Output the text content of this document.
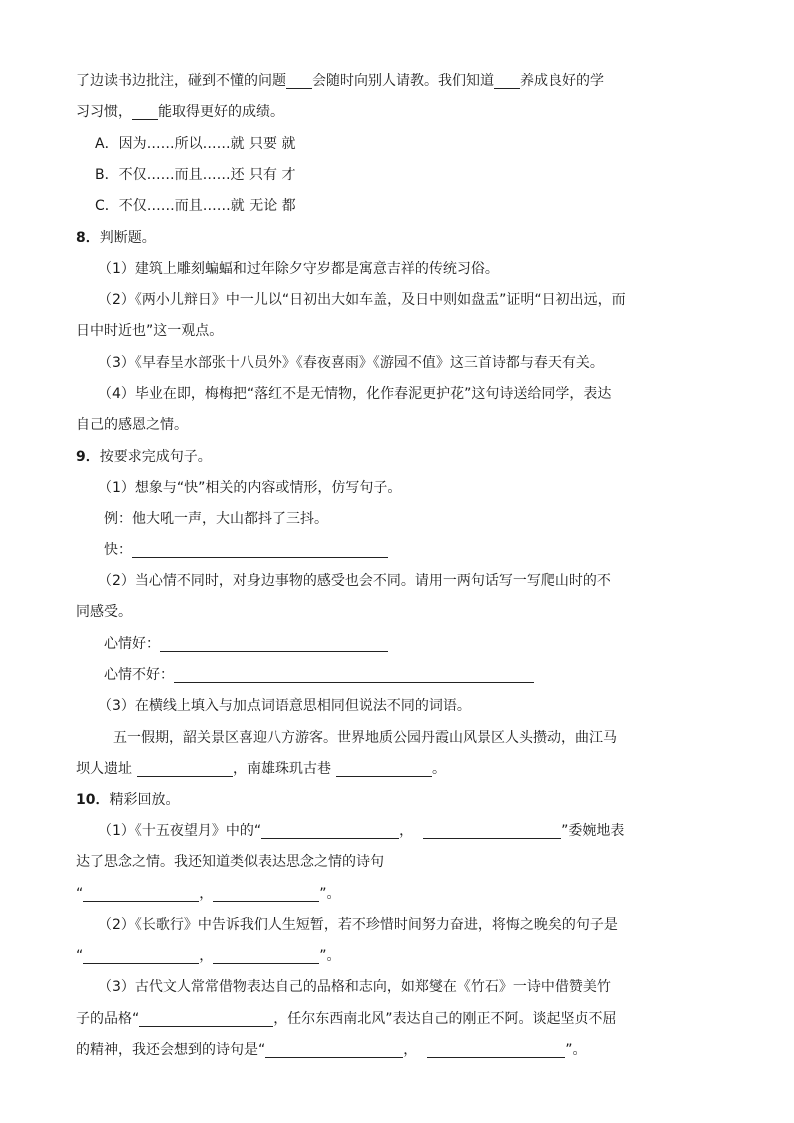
了边读书边批注，碰到不懂的问题 会随时向别人请教。我们知道 养成良好的学
习习惯， 能取得更好的成绩。
A．因为……所以……就 只要 就
B．不仅……而且……还 只有 才
C．不仅……而且……就 无论 都
8．判断题。
（1）建筑上雕刻蝙蝠和过年除夕守岁都是寓意吉祥的传统习俗。
（2）《两小儿辩日》中一儿以“日初出大如车盖，及日中则如盘盂”证明“日初出远，而
日中时近也”这一观点。
（3）《早春呈水部张十八员外》《春夜喜雨》《游园不值》这三首诗都与春天有关。
（4）毕业在即，梅梅把“落红不是无情物，化作春泥更护花”这句诗送给同学，表达
自己的感恩之情。
9．按要求完成句子。
（1）想象与“快”相关的内容或情形，仿写句子。
例：他大吼一声，大山都抖了三抖。
快：
（2）当心情不同时，对身边事物的感受也会不同。请用一两句话写一写爬山时的不
同感受。
心情好：
心情不好：
（3）在横线上填入与加点词语意思相同但说法不同的词语。
五一假期，韶关景区喜迎八方游客。世界地质公园丹霞山风景区人头攒动，曲江马
坝人遗址	，南雄珠玑古巷	。
10．精彩回放。
（1）《十五夜望月》中的“	，	”委婉地表
达了思念之情。我还知道类似表达思念之情的诗句
“	，	”。
（2）《长歌行》中告诉我们人生短暂，若不珍惜时间努力奋进，将悔之晚矣的句子是
“	，	”。
（3）古代文人常常借物表达自己的品格和志向，如郑燮在《竹石》一诗中借赞美竹
子的品格“	，任尔东西南北风”表达自己的刚正不阿。谈起坚贞不屈
的精神，我还会想到的诗句是“	，	”。
